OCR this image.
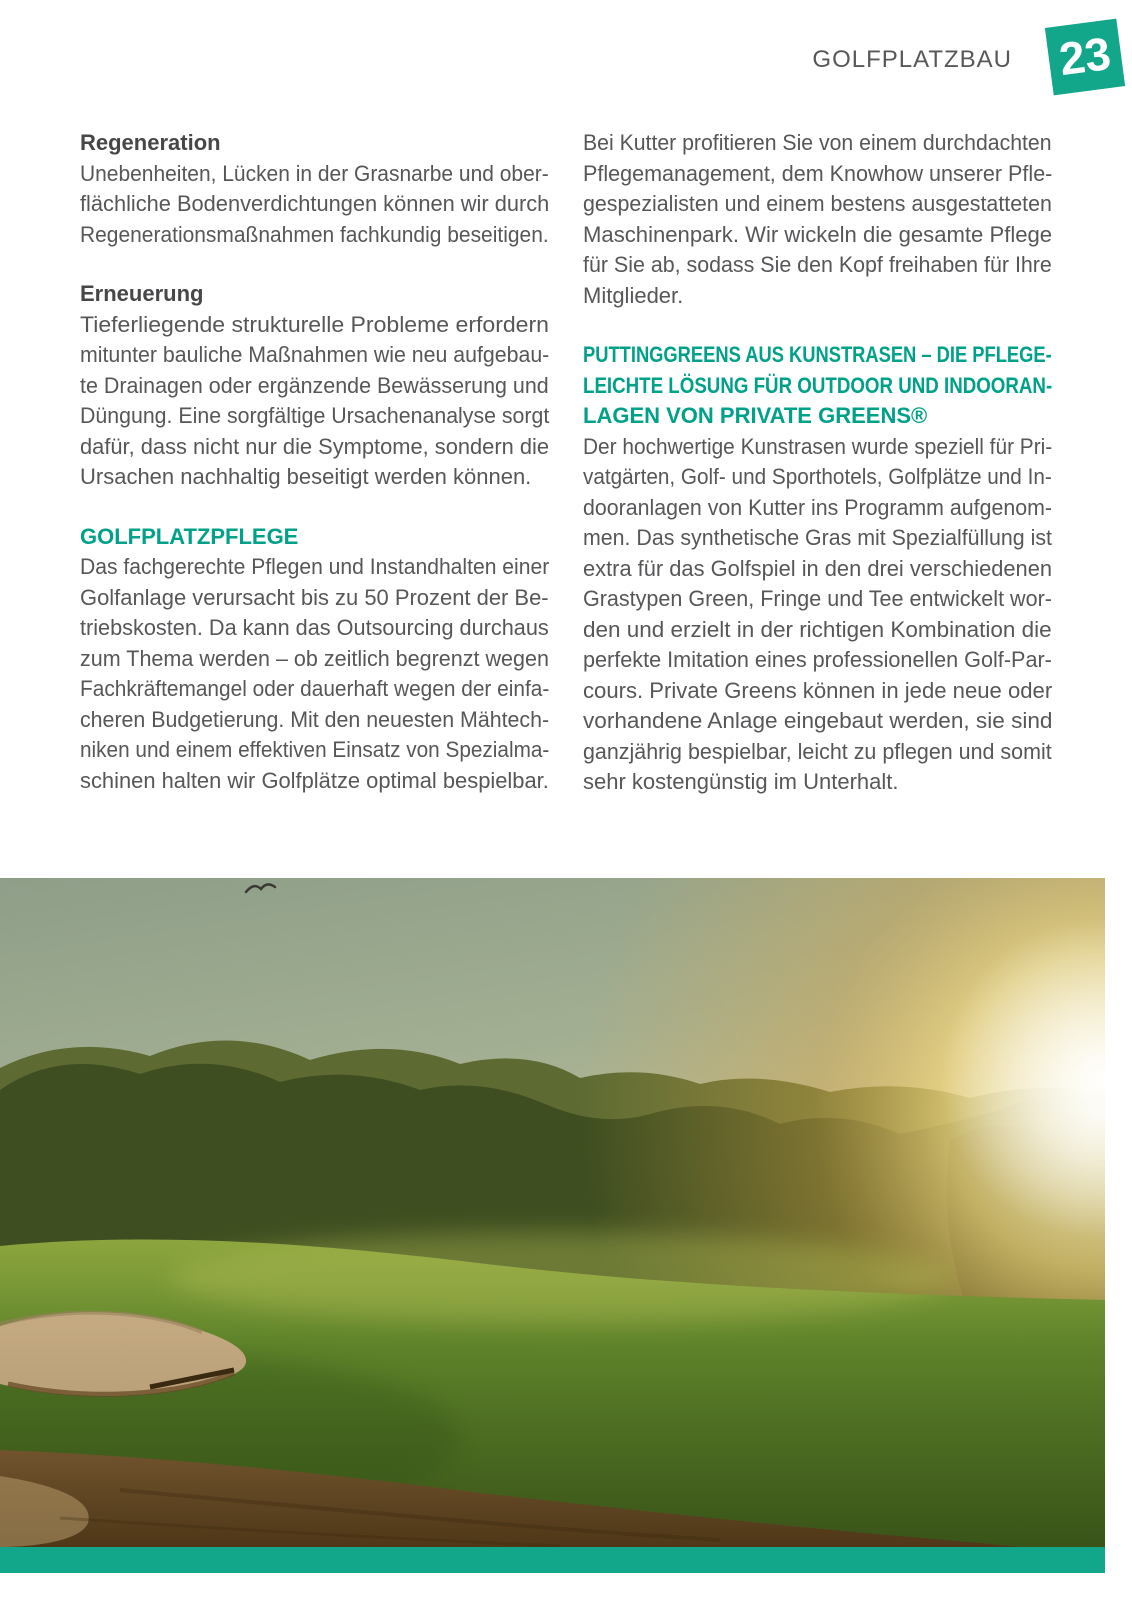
GOLFPLATZBAU 23
Regeneration

Unebenheiten, Lücken in der Grasnarbe und ober-
flächliche Bodenverdichtungen können wir durch
Regenerationsmaßnahmen fachkundig beseitigen.

Erneuerung

Tieferliegende strukturelle Probleme erfordern
mitunter bauliche Maßnahmen wie neu aufgebau-
te Drainagen oder ergänzende Bewässerung und
Düngung. Eine sorgfältige Ursachenanalyse sorgt
dafür, dass nicht nur die Symptome, sondern die
Ursachen nachhaltig beseitigt werden können.

GOLFPLATZPFLEGE

Das fachgerechte Pflegen und Instandhalten einer
Golfanlage verursacht bis zu 50 Prozent der Be-
triebskosten. Da kann das Outsourcing durchaus
zum Thema werden – ob zeitlich begrenzt wegen
Fachkräftemangel oder dauerhaft wegen der einfa-
cheren Budgetierung. Mit den neuesten Mähtech-
niken und einem effektiven Einsatz von Spezialma-
schinen halten wir Golfplätze optimal bespielbar.

Bei Kutter profitieren Sie von einem durchdachten
Pflegemanagement, dem Knowhow unserer Pfle-
gespezialisten und einem bestens ausgestatteten
Maschinenpark. Wir wickeln die gesamte Pflege
für Sie ab, sodass Sie den Kopf freihaben für Ihre
Mitglieder.

PUTTINGGREENS AUS KUNSTRASEN – DIE PFLEGE-
LEICHTE LÖSUNG FÜR OUTDOOR UND INDOORAN-
LAGEN VON PRIVATE GREENS®

Der hochwertige Kunstrasen wurde speziell für Pri-
vatgärten, Golf- und Sporthotels, Golfplätze und In-
dooranlagen von Kutter ins Programm aufgenom-
men. Das synthetische Gras mit Spezialfüllung ist
extra für das Golfspiel in den drei verschiedenen
Grastypen Green, Fringe und Tee entwickelt wor-
den und erzielt in der richtigen Kombination die
perfekte Imitation eines professionellen Golf-Par-
cours. Private Greens können in jede neue oder
vorhandene Anlage eingebaut werden, sie sind
ganzjährig bespielbar, leicht zu pflegen und somit
sehr kostengünstig im Unterhalt.
